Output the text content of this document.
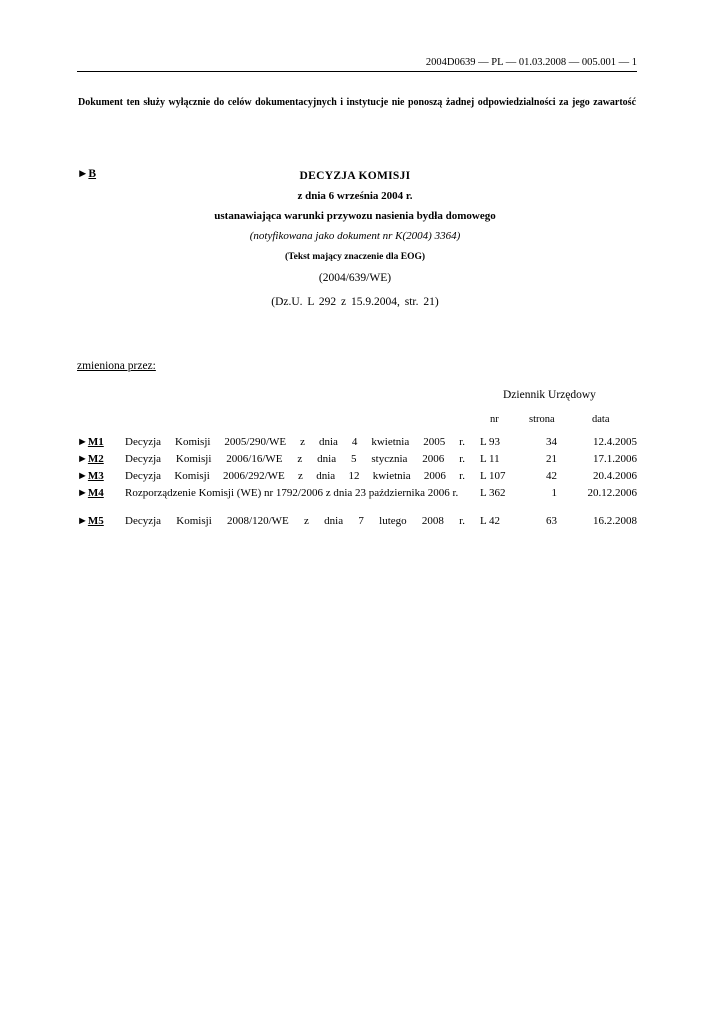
2004D0639 — PL — 01.03.2008 — 005.001 — 1
Dokument ten służy wyłącznie do celów dokumentacyjnych i instytucje nie ponoszą żadnej odpowiedzialności za jego zawartość
►B	DECYZJA KOMISJI
z dnia 6 września 2004 r.
ustanawiająca warunki przywozu nasienia bydła domowego
(notyfikowana jako dokument nr K(2004) 3364)
(Tekst mający znaczenie dla EOG)
(2004/639/WE)
(Dz.U. L 292 z 15.9.2004, str. 21)
zmieniona przez:
Dziennik Urzędowy
nr	strona	data
►M1 Decyzja Komisji 2005/290/WE z dnia 4 kwietnia 2005 r. L 93	34	12.4.2005
►M2 Decyzja Komisji 2006/16/WE z dnia 5 stycznia 2006 r. L 11	21	17.1.2006
►M3 Decyzja Komisji 2006/292/WE z dnia 12 kwietnia 2006 r. L 107	42	20.4.2006
►M4 Rozporządzenie Komisji (WE) nr 1792/2006 z dnia 23 października 2006 r.	L 362	1	20.12.2006
►M5 Decyzja Komisji 2008/120/WE z dnia 7 lutego 2008 r. L 42	63	16.2.2008
